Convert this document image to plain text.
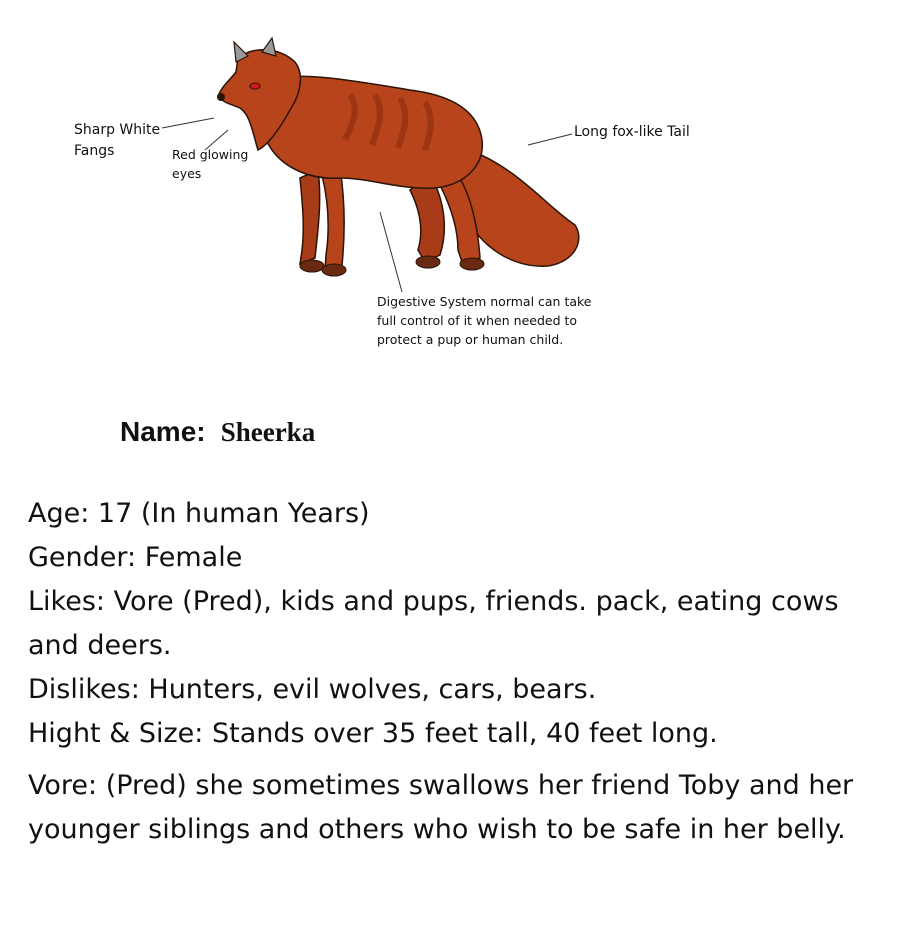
Sharp White
Fangs	Red glowing
eyes
Long fox-like Tail
Digestive System normal can take
full control of it when needed to
protect a pup or human child.
Name: Sheerka

Age: 17 (In human Years)

Gender: Female

Likes: Vore (Pred), kids and pups, friends. pack, eating cows and deers.

Dislikes: Hunters, evil wolves, cars, bears.

Hight & Size: Stands over 35 feet tall, 40 feet long.

Vore: (Pred) she sometimes swallows her friend Toby and her younger siblings and others who wish to be safe in her belly.
